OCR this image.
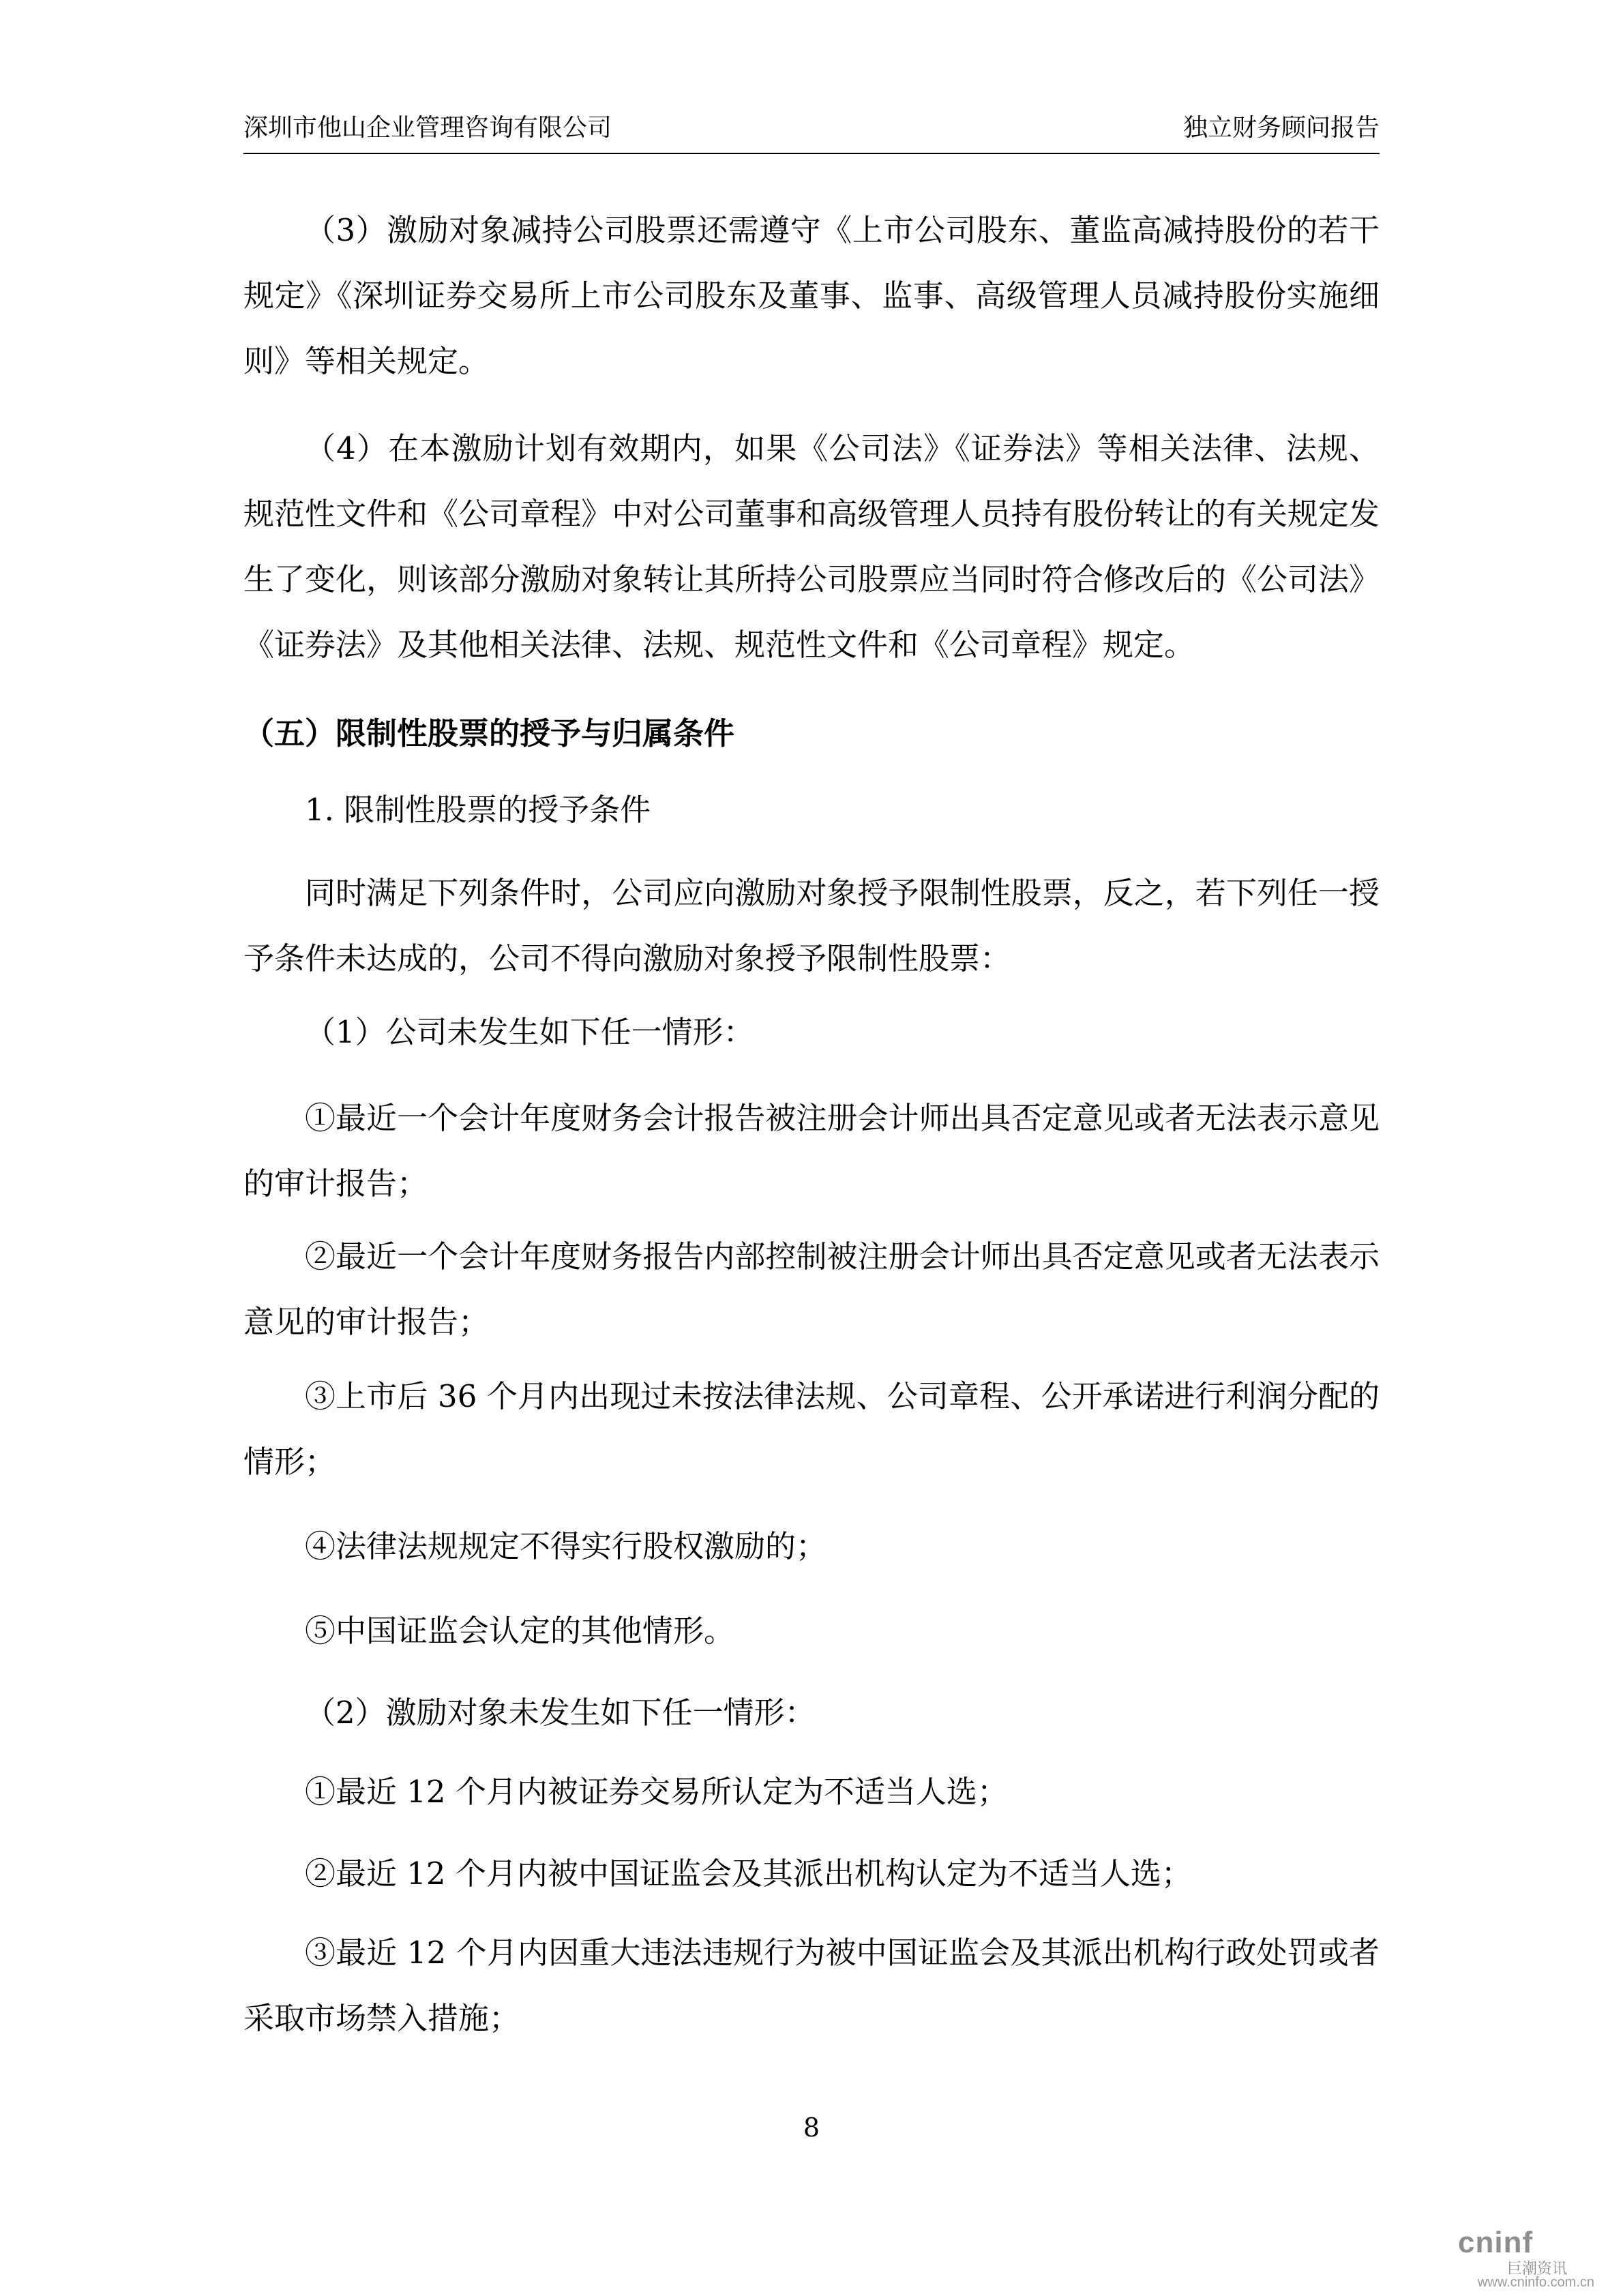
深圳市他山企业管理咨询有限公司	独立财务顾问报告

（3）激励对象减持公司股票还需遵守《上市公司股东、董监高减持股份的若干规定》《深圳证券交易所上市公司股东及董事、监事、高级管理人员减持股份实施细则》等相关规定。

（4）在本激励计划有效期内，如果《公司法》《证券法》等相关法律、法规、规范性文件和《公司章程》中对公司董事和高级管理人员持有股份转让的有关规定发生了变化，则该部分激励对象转让其所持公司股票应当同时符合修改后的《公司法》《证券法》及其他相关法律、法规、规范性文件和《公司章程》规定。

（五）限制性股票的授予与归属条件

1. 限制性股票的授予条件

同时满足下列条件时，公司应向激励对象授予限制性股票，反之，若下列任一授予条件未达成的，公司不得向激励对象授予限制性股票：

（1）公司未发生如下任一情形：

①最近一个会计年度财务会计报告被注册会计师出具否定意见或者无法表示意见的审计报告；

②最近一个会计年度财务报告内部控制被注册会计师出具否定意见或者无法表示意见的审计报告；

③上市后 36 个月内出现过未按法律法规、公司章程、公开承诺进行利润分配的情形；

④法律法规规定不得实行股权激励的；

⑤中国证监会认定的其他情形。

（2）激励对象未发生如下任一情形：

①最近 12 个月内被证券交易所认定为不适当人选；

②最近 12 个月内被中国证监会及其派出机构认定为不适当人选；

③最近 12 个月内因重大违法违规行为被中国证监会及其派出机构行政处罚或者采取市场禁入措施；

8
cninf
巨潮资讯
www.cninfo.com.cn
